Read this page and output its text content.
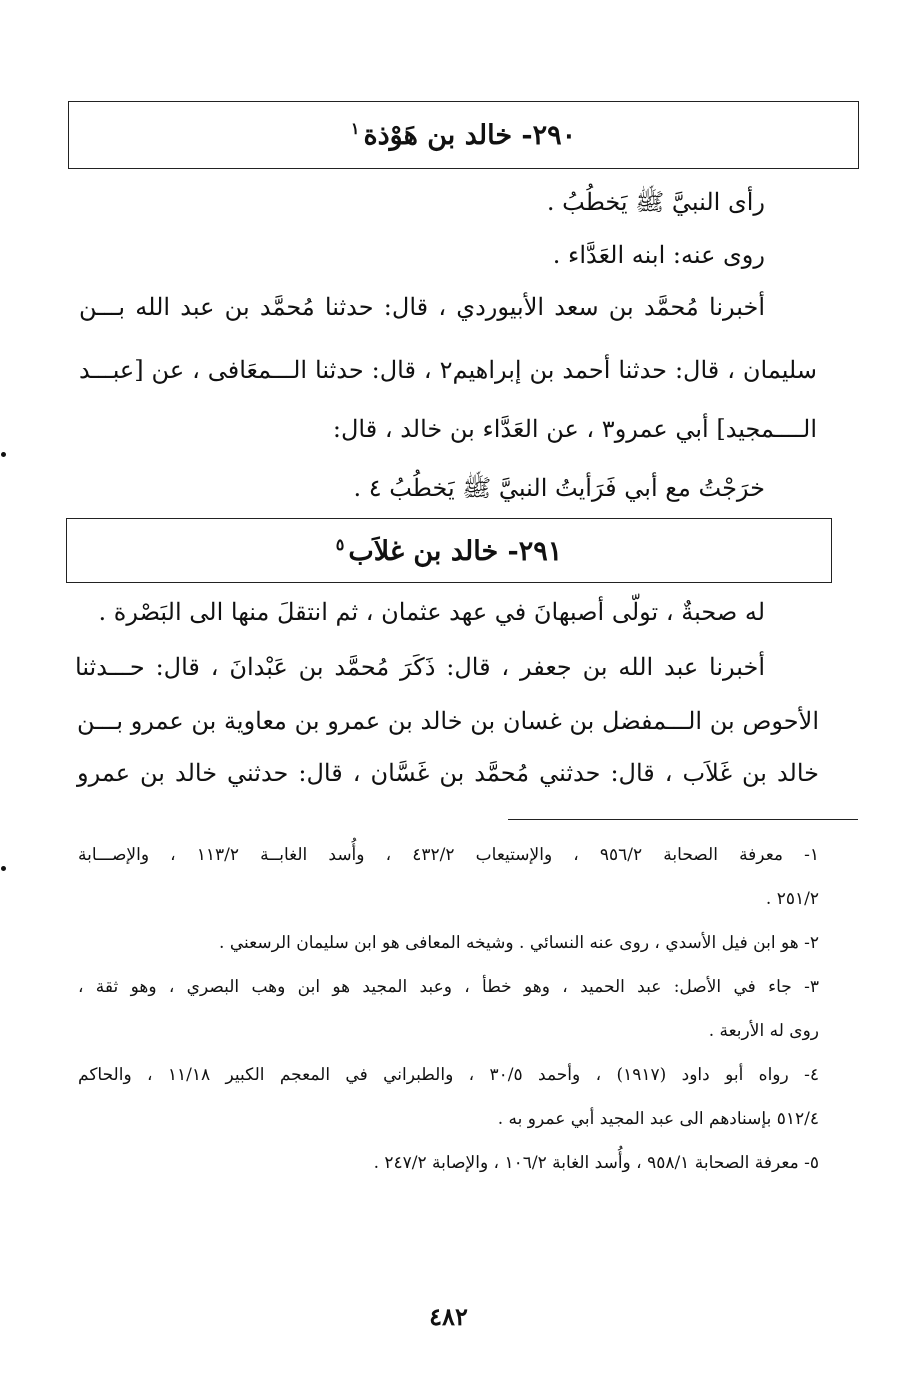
٢٩٠- خالد بن هَوْذة$^١$
رأى النبيَّ ﷺ يَخطُبُ .
روى عنه: ابنه العَدَّاء .
أخبرنا مُحمَّد بن سعد الأبيوردي ، قال: حدثنا مُحمَّد بن عبد الله بـــن
سليمان ، قال: حدثنا أحمد بن إبراهيم٢ ، قال: حدثنا الـــمعَافى ، عن [عبـــد
الــــمجيد] أبي عمرو٣ ، عن العَدَّاء بن خالد ، قال:
خرَجْتُ مع أبي فَرَأيتُ النبيَّ ﷺ يَخطُبُ ٤ .
٢٩١- خالد بن غلاَب$^٥$
له صحبةٌ ، تولّى أصبهانَ في عهد عثمان ، ثم انتقلَ منها الى البَصْرة .
أخبرنا عبد الله بن جعفر ، قال: ذَكَرَ مُحمَّد بن عَبْدانَ ، قال: حـــدثنا
الأحوص بن الـــمفضل بن غسان بن خالد بن عمرو بن معاوية بن عمرو بـــن
خالد بن غَلاَب ، قال: حدثني مُحمَّد بن غَسَّان ، قال: حدثني خالد بن عمرو
١- معرفة الصحابة ٩٥٦/٢ ، والإستيعاب ٤٣٢/٢ ، وأُسد الغابــة ١١٣/٢ ، والإصـــابة
٢٥١/٢ .
٢- هو ابن فيل الأسدي ، روى عنه النسائي . وشيخه المعافى هو ابن سليمان الرسعني .
٣- جاء في الأصل: عبد الحميد ، وهو خطأ ، وعبد المجيد هو ابن وهب البصري ، وهو ثقة ،
روى له الأربعة .
٤- رواه أبو داود (١٩١٧) ، وأحمد ٣٠/٥ ، والطبراني في المعجم الكبير ١١/١٨ ، والحاكم
٥١٢/٤ بإسنادهم الى عبد المجيد أبي عمرو به .
٥- معرفة الصحابة ٩٥٨/١ ، وأُسد الغابة ١٠٦/٢ ، والإصابة ٢٤٧/٢ .
٤٨٢
